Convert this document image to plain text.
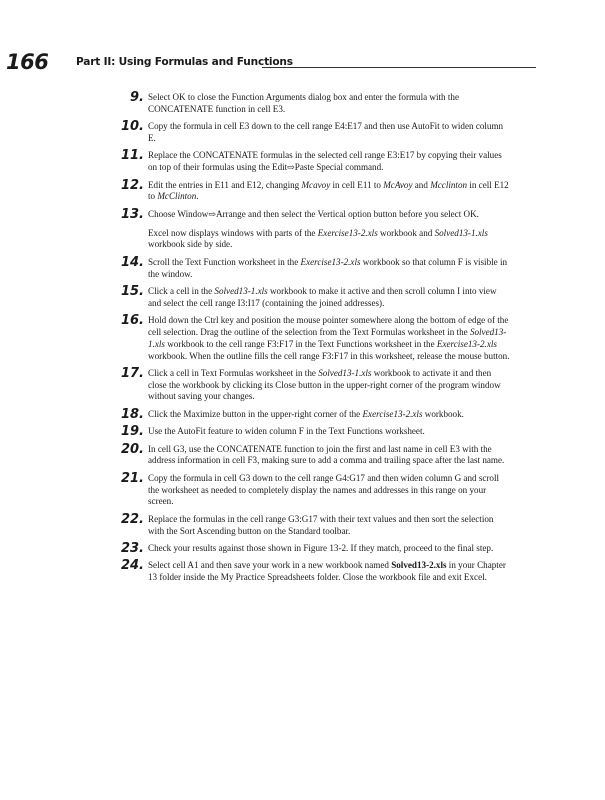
166	Part II: Using Formulas and Functions
9. Select OK to close the Function Arguments dialog box and enter the formula with the CONCATENATE function in cell E3.
10. Copy the formula in cell E3 down to the cell range E4:E17 and then use AutoFit to widen column E.
11. Replace the CONCATENATE formulas in the selected cell range E3:E17 by copying their values on top of their formulas using the Edit⇨Paste Special command.
12. Edit the entries in E11 and E12, changing Mcavoy in cell E11 to McAvoy and Mcclinton in cell E12 to McClinton.
13. Choose Window⇨Arrange and then select the Vertical option button before you select OK.
Excel now displays windows with parts of the Exercise13-2.xls workbook and Solved13-1.xls workbook side by side.
14. Scroll the Text Function worksheet in the Exercise13-2.xls workbook so that column F is visible in the window.
15. Click a cell in the Solved13-1.xls workbook to make it active and then scroll column I into view and select the cell range I3:I17 (containing the joined addresses).
16. Hold down the Ctrl key and position the mouse pointer somewhere along the bottom of edge of the cell selection. Drag the outline of the selection from the Text Formulas worksheet in the Solved13-1.xls workbook to the cell range F3:F17 in the Text Functions worksheet in the Exercise13-2.xls workbook. When the outline fills the cell range F3:F17 in this worksheet, release the mouse button.
17. Click a cell in Text Formulas worksheet in the Solved13-1.xls workbook to activate it and then close the workbook by clicking its Close button in the upper-right corner of the program window without saving your changes.
18. Click the Maximize button in the upper-right corner of the Exercise13-2.xls workbook.
19. Use the AutoFit feature to widen column F in the Text Functions worksheet.
20. In cell G3, use the CONCATENATE function to join the first and last name in cell E3 with the address information in cell F3, making sure to add a comma and trailing space after the last name.
21. Copy the formula in cell G3 down to the cell range G4:G17 and then widen column G and scroll the worksheet as needed to completely display the names and addresses in this range on your screen.
22. Replace the formulas in the cell range G3:G17 with their text values and then sort the selection with the Sort Ascending button on the Standard toolbar.
23. Check your results against those shown in Figure 13-2. If they match, proceed to the final step.
24. Select cell A1 and then save your work in a new workbook named Solved13-2.xls in your Chapter 13 folder inside the My Practice Spreadsheets folder. Close the workbook file and exit Excel.
